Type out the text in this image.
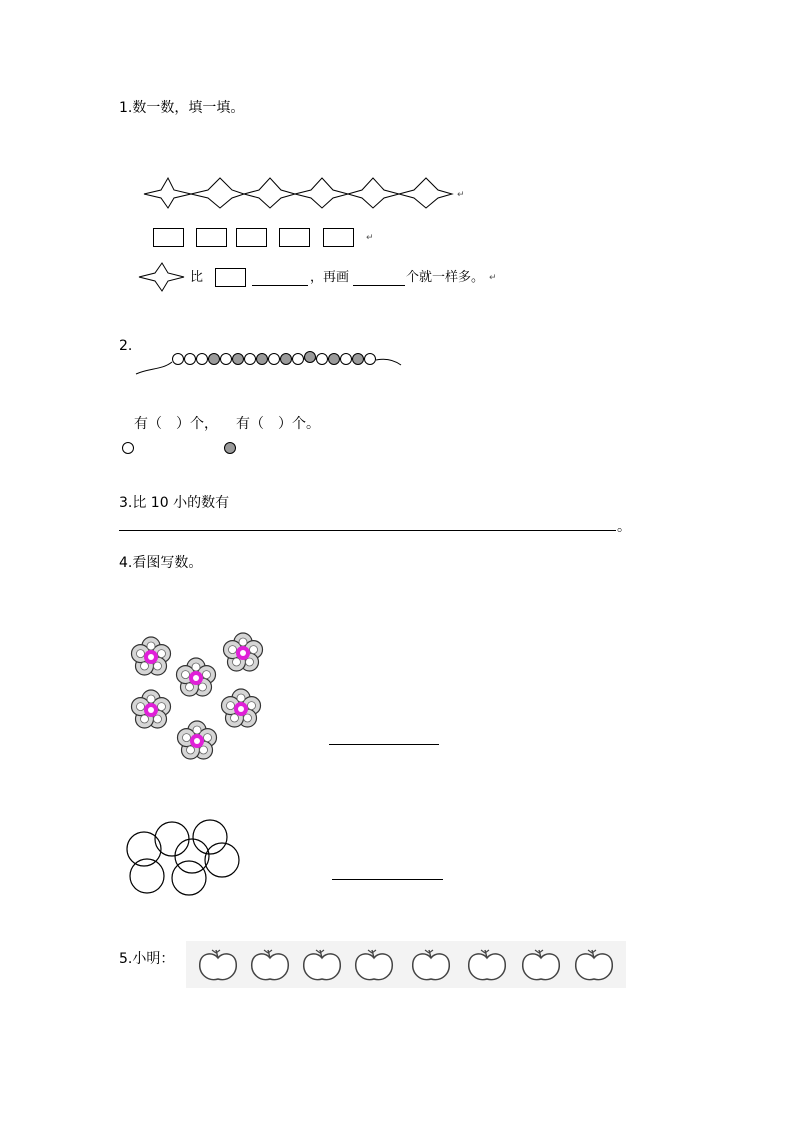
1.数一数，填一填。
↵
↵
比	，再画	个就一样多。 ↵
2.
有（　）个， 有（　）个。
3.比 10 小的数有
。
4.看图写数。
5.小明：
